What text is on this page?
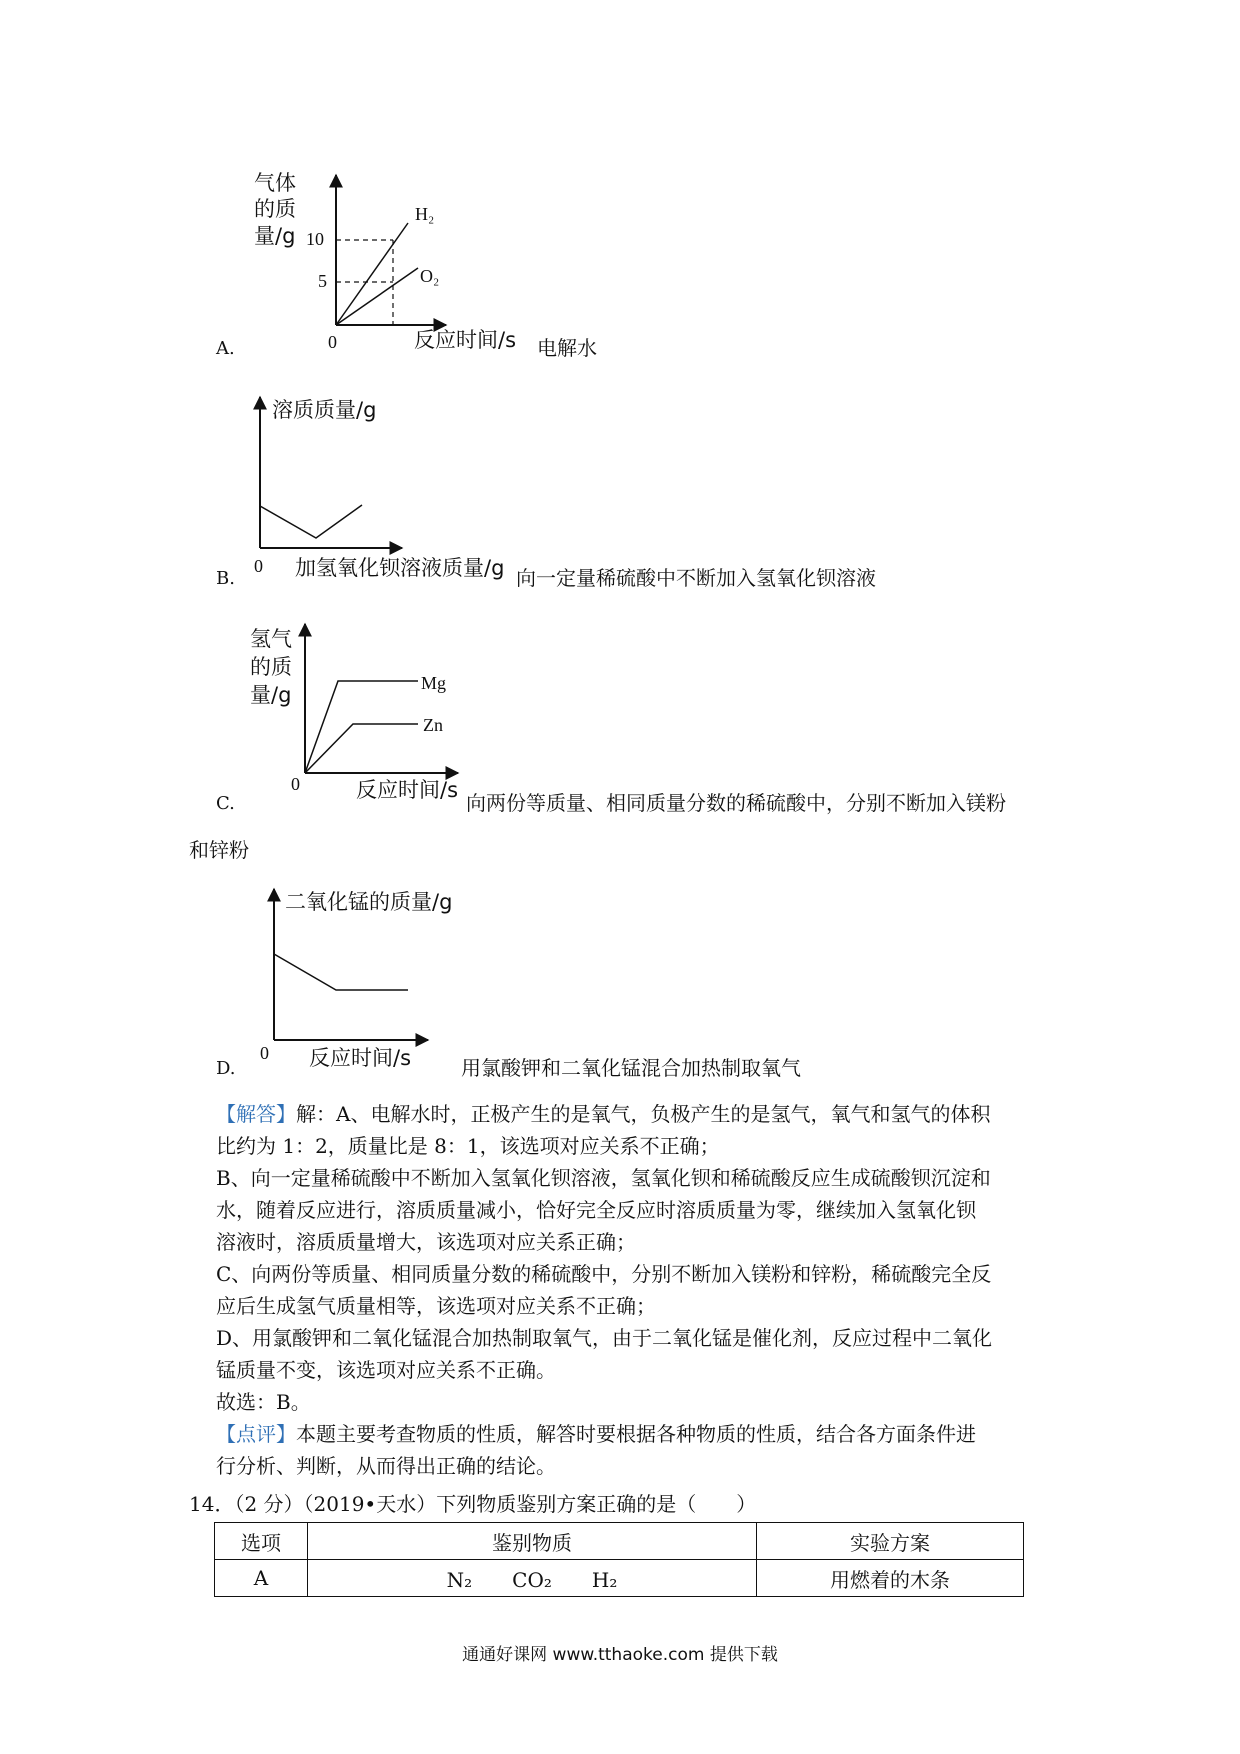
A.
气体
的质
量/g 10
5
0
H₂
O₂
反应时间/s 电解水
B.
溶质质量/g
0 加氢氧化钡溶液质量/g 向一定量稀硫酸中不断加入氢氧化钡溶液
C.
氢气
的质
量/g
0
Mg
Zn
反应时间/s
向两份等质量、相同质量分数的稀硫酸中，分别不断加入镁粉
和锌粉
D.
二氧化锰的质量/g
0 反应时间/s 用氯酸钾和二氧化锰混合加热制取氧气
【解答】解：A、电解水时，正极产生的是氧气，负极产生的是氢气，氧气和氢气的体积
比约为 1：2，质量比是 8：1，该选项对应关系不正确；
B、向一定量稀硫酸中不断加入氢氧化钡溶液，氢氧化钡和稀硫酸反应生成硫酸钡沉淀和
水，随着反应进行，溶质质量减小，恰好完全反应时溶质质量为零，继续加入氢氧化钡
溶液时，溶质质量增大，该选项对应关系正确；
C、向两份等质量、相同质量分数的稀硫酸中，分别不断加入镁粉和锌粉，稀硫酸完全反
应后生成氢气质量相等，该选项对应关系不正确；
D、用氯酸钾和二氧化锰混合加热制取氧气，由于二氧化锰是催化剂，反应过程中二氧化
锰质量不变，该选项对应关系不正确。
故选：B。
【点评】本题主要考查物质的性质，解答时要根据各种物质的性质，结合各方面条件进
行分析、判断，从而得出正确的结论。
14．（2 分）（2019•天水）下列物质鉴别方案正确的是（　　）
选项	鉴别物质	实验方案
A	N₂　　CO₂　　H₂	用燃着的木条
通通好课网 www.tthaoke.com 提供下载
